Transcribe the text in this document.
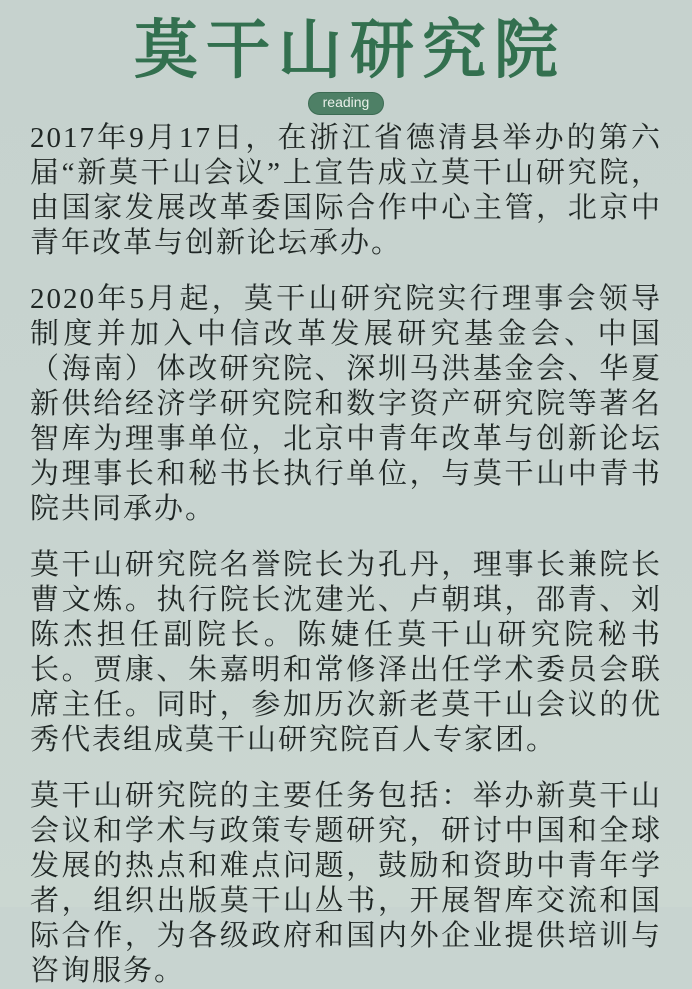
莫干山研究院
reading

2017年9月17日，在浙江省德清县举办的第六届“新莫干山会议”上宣告成立莫干山研究院，由国家发展改革委国际合作中心主管，北京中青年改革与创新论坛承办。

2020年5月起，莫干山研究院实行理事会领导制度并加入中信改革发展研究基金会、中国（海南）体改研究院、深圳马洪基金会、华夏新供给经济学研究院和数字资产研究院等著名智库为理事单位，北京中青年改革与创新论坛为理事长和秘书长执行单位，与莫干山中青书院共同承办。

莫干山研究院名誉院长为孔丹，理事长兼院长曹文炼。执行院长沈建光、卢朝琪，邵青、刘陈杰担任副院长。陈婕任莫干山研究院秘书长。贾康、朱嘉明和常修泽出任学术委员会联席主任。同时，参加历次新老莫干山会议的优秀代表组成莫干山研究院百人专家团。

莫干山研究院的主要任务包括：举办新莫干山会议和学术与政策专题研究，研讨中国和全球发展的热点和难点问题，鼓励和资助中青年学者，组织出版莫干山丛书，开展智库交流和国际合作，为各级政府和国内外企业提供培训与咨询服务。
